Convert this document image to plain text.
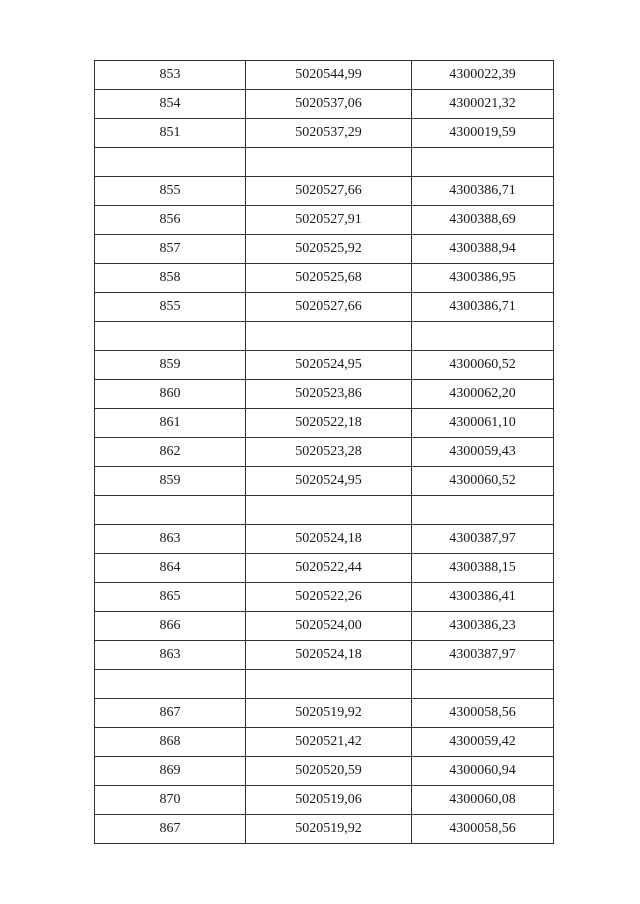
853	5020544,99	4300022,39
854	5020537,06	4300021,32
851	5020537,29	4300019,59

855	5020527,66	4300386,71
856	5020527,91	4300388,69
857	5020525,92	4300388,94
858	5020525,68	4300386,95
855	5020527,66	4300386,71

859	5020524,95	4300060,52
860	5020523,86	4300062,20
861	5020522,18	4300061,10
862	5020523,28	4300059,43
859	5020524,95	4300060,52

863	5020524,18	4300387,97
864	5020522,44	4300388,15
865	5020522,26	4300386,41
866	5020524,00	4300386,23
863	5020524,18	4300387,97

867	5020519,92	4300058,56
868	5020521,42	4300059,42
869	5020520,59	4300060,94
870	5020519,06	4300060,08
867	5020519,92	4300058,56
